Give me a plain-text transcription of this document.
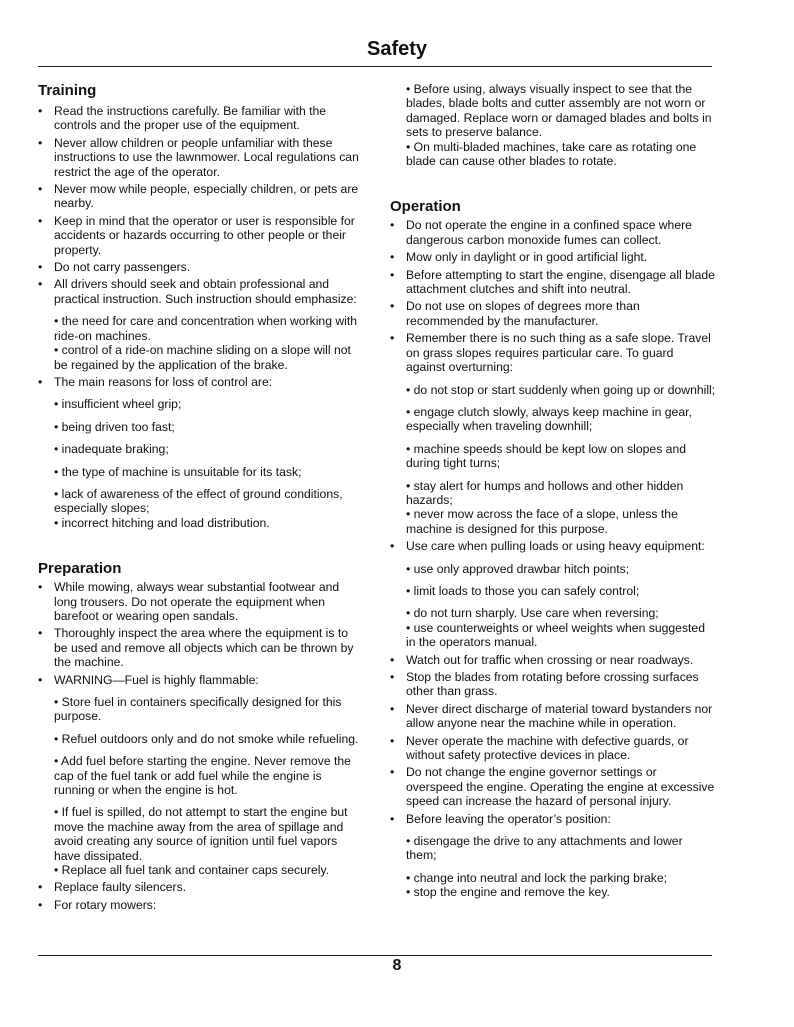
Safety
Training
• Read the instructions carefully. Be familiar with the controls and the proper use of the equipment.
• Never allow children or people unfamiliar with these instructions to use the lawnmower. Local regulations can restrict the age of the operator.
• Never mow while people, especially children, or pets are nearby.
• Keep in mind that the operator or user is responsible for accidents or hazards occurring to other people or their property.
• Do not carry passengers.
• All drivers should seek and obtain professional and practical instruction. Such instruction should emphasize:
• the need for care and concentration when working with ride-on machines.
• control of a ride-on machine sliding on a slope will not be regained by the application of the brake.
• The main reasons for loss of control are:
• insufficient wheel grip;
• being driven too fast;
• inadequate braking;
• the type of machine is unsuitable for its task;
• lack of awareness of the effect of ground conditions, especially slopes;
• incorrect hitching and load distribution.
Preparation
• While mowing, always wear substantial footwear and long trousers. Do not operate the equipment when barefoot or wearing open sandals.
• Thoroughly inspect the area where the equipment is to be used and remove all objects which can be thrown by the machine.
• WARNING—Fuel is highly flammable:
• Store fuel in containers specifically designed for this purpose.
• Refuel outdoors only and do not smoke while refueling.
• Add fuel before starting the engine. Never remove the cap of the fuel tank or add fuel while the engine is running or when the engine is hot.
• If fuel is spilled, do not attempt to start the engine but move the machine away from the area of spillage and avoid creating any source of ignition until fuel vapors have dissipated.
• Replace all fuel tank and container caps securely.
• Replace faulty silencers.
• For rotary mowers:
• Before using, always visually inspect to see that the blades, blade bolts and cutter assembly are not worn or damaged. Replace worn or damaged blades and bolts in sets to preserve balance.
• On multi-bladed machines, take care as rotating one blade can cause other blades to rotate.
Operation
• Do not operate the engine in a confined space where dangerous carbon monoxide fumes can collect.
• Mow only in daylight or in good artificial light.
• Before attempting to start the engine, disengage all blade attachment clutches and shift into neutral.
• Do not use on slopes of degrees more than recommended by the manufacturer.
• Remember there is no such thing as a safe slope. Travel on grass slopes requires particular care. To guard against overturning:
• do not stop or start suddenly when going up or downhill;
• engage clutch slowly, always keep machine in gear, especially when traveling downhill;
• machine speeds should be kept low on slopes and during tight turns;
• stay alert for humps and hollows and other hidden hazards;
• never mow across the face of a slope, unless the machine is designed for this purpose.
• Use care when pulling loads or using heavy equipment:
• use only approved drawbar hitch points;
• limit loads to those you can safely control;
• do not turn sharply. Use care when reversing;
• use counterweights or wheel weights when suggested in the operators manual.
• Watch out for traffic when crossing or near roadways.
• Stop the blades from rotating before crossing surfaces other than grass.
• Never direct discharge of material toward bystanders nor allow anyone near the machine while in operation.
• Never operate the machine with defective guards, or without safety protective devices in place.
• Do not change the engine governor settings or overspeed the engine. Operating the engine at excessive speed can increase the hazard of personal injury.
• Before leaving the operator’s position:
• disengage the drive to any attachments and lower them;
• change into neutral and lock the parking brake;
• stop the engine and remove the key.
8
